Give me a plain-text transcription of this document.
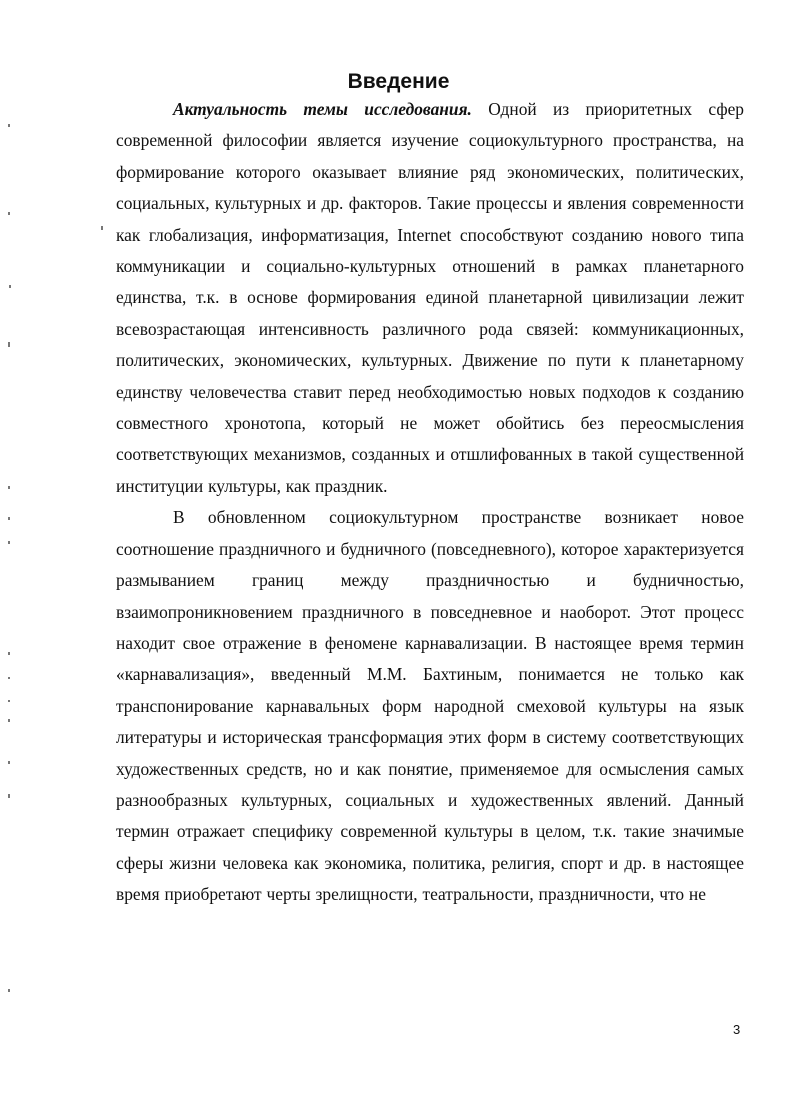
Введение

Актуальность темы исследования. Одной из приоритетных сфер современной философии является изучение социокультурного пространства, на формирование которого оказывает влияние ряд экономических, политических, социальных, культурных и др. факторов. Такие процессы и явления современности как глобализация, информатизация, Internet способствуют созданию нового типа коммуникации и социально-культурных отношений в рамках планетарного единства, т.к. в основе формирования единой планетарной цивилизации лежит всевозрастающая интенсивность различного рода связей: коммуникационных, политических, экономических, культурных. Движение по пути к планетарному единству человечества ставит перед необходимостью новых подходов к созданию совместного хронотопа, который не может обойтись без переосмысления соответствующих механизмов, созданных и отшлифованных в такой существенной институции культуры, как праздник.

В обновленном социокультурном пространстве возникает новое соотношение праздничного и будничного (повседневного), которое характеризуется размыванием границ между праздничностью и будничностью, взаимопроникновением праздничного в повседневное и наоборот. Этот процесс находит свое отражение в феномене карнавализации. В настоящее время термин «карнавализация», введенный М.М. Бахтиным, понимается не только как транспонирование карнавальных форм народной смеховой культуры на язык литературы и историческая трансформация этих форм в систему соответствующих художественных средств, но и как понятие, применяемое для осмысления самых разнообразных культурных, социальных и художественных явлений. Данный термин отражает специфику современной культуры в целом, т.к. такие значимые сферы жизни человека как экономика, политика, религия, спорт и др. в настоящее время приобретают черты зрелищности, театральности, праздничности, что не

3
